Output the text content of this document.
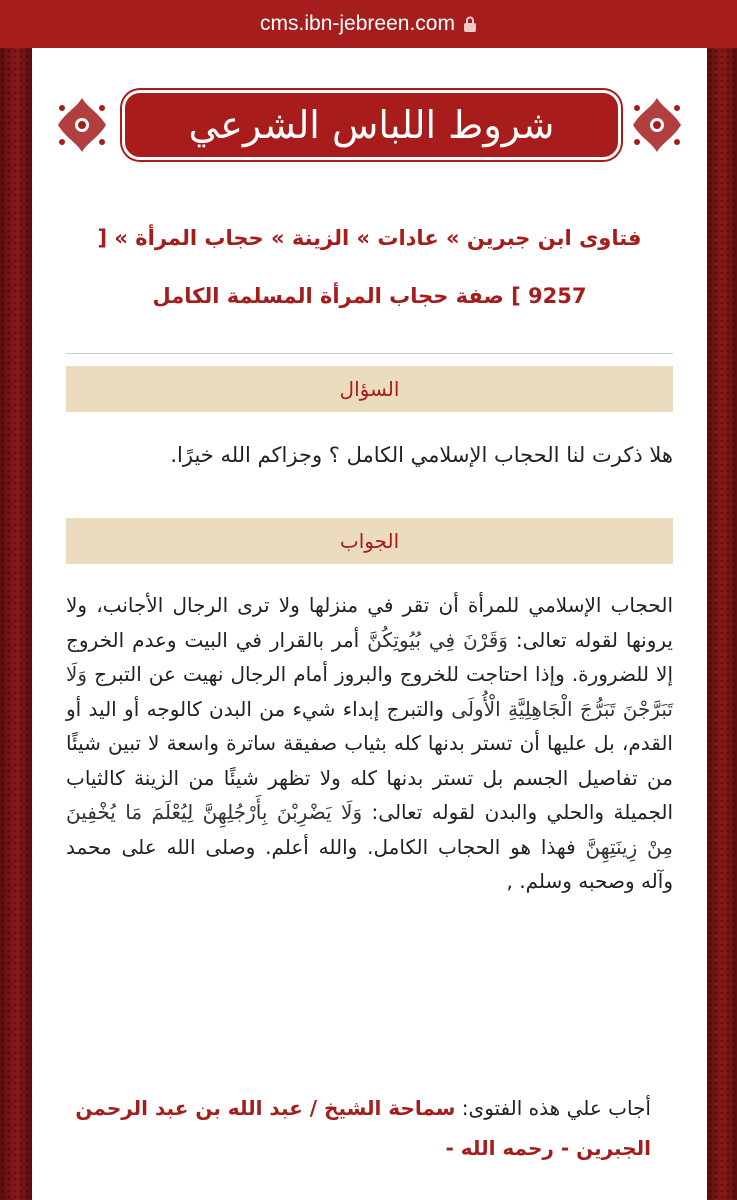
cms.ibn-jebreen.com
شروط اللباس الشرعي
فتاوى ابن جبرين » عادات » الزينة » حجاب المرأة » [
9257 ] صفة حجاب المرأة المسلمة الكامل
السؤال
هلا ذكرت لنا الحجاب الإسلامي الكامل ؟ وجزاكم الله خيرًا.
الجواب
الحجاب الإسلامي للمرأة أن تقر في منزلها ولا ترى الرجال الأجانب، ولا يرونها لقوله تعالى: وَقَرْنَ فِي بُيُوتِكُنَّ أمر بالقرار في البيت وعدم الخروج إلا للضرورة. وإذا احتاجت للخروج والبروز أمام الرجال نهيت عن التبرج وَلَا تَبَرَّجْنَ تَبَرُّجَ الْجَاهِلِيَّةِ الْأُولَى والتبرج إبداء شيء من البدن كالوجه أو اليد أو القدم، بل عليها أن تستر بدنها كله بثياب صفيقة ساترة واسعة لا تبين شيئًا من تفاصيل الجسم بل تستر بدنها كله ولا تظهر شيئًا من الزينة كالثياب الجميلة والحلي والبدن لقوله تعالى: وَلَا يَضْرِبْنَ بِأَرْجُلِهِنَّ لِيُعْلَمَ مَا يُخْفِينَ مِنْ زِينَتِهِنَّ فهذا هو الحجاب الكامل. والله أعلم. وصلى الله على محمد وآله وصحبه وسلم. ,
أجاب علي هذه الفتوى: سماحة الشيخ / عبد الله بن عبد الرحمن الجبرين - رحمه الله -
